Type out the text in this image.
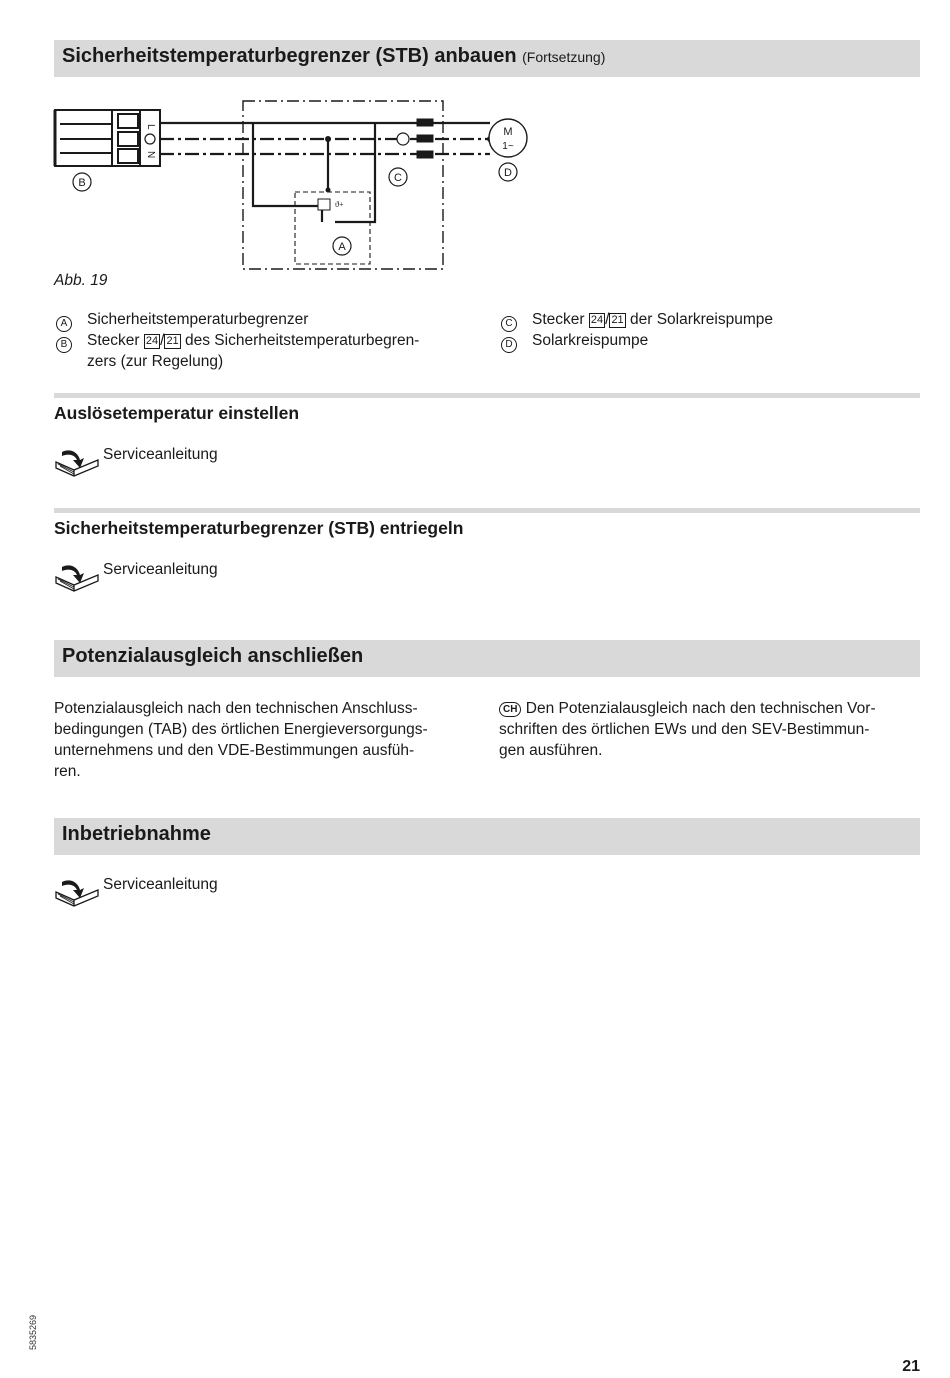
Sicherheitstemperaturbegrenzer (STB) anbauen (Fortsetzung)
L
N
B
ϑ+
A
C
M
1~
D
Abb. 19
A	Sicherheitstemperaturbegrenzer
B	Stecker 24 / 21 des Sicherheitstemperaturbegren-
zers (zur Regelung)
C Stecker 24 / 21 der Solarkreispumpe
D Solarkreispumpe
Auslösetemperatur einstellen
Serviceanleitung
Sicherheitstemperaturbegrenzer (STB) entriegeln
Serviceanleitung
Potenzialausgleich anschließen
Potenzialausgleich nach den technischen Anschluss-
bedingungen (TAB) des örtlichen Energieversorgungs-
unternehmens und den VDE-Bestimmungen ausfüh-
ren.
CH Den Potenzialausgleich nach den technischen Vor-
schriften des örtlichen EWs und den SEV-Bestimmun-
gen ausführen.
Inbetriebnahme
Serviceanleitung
5835269
21
